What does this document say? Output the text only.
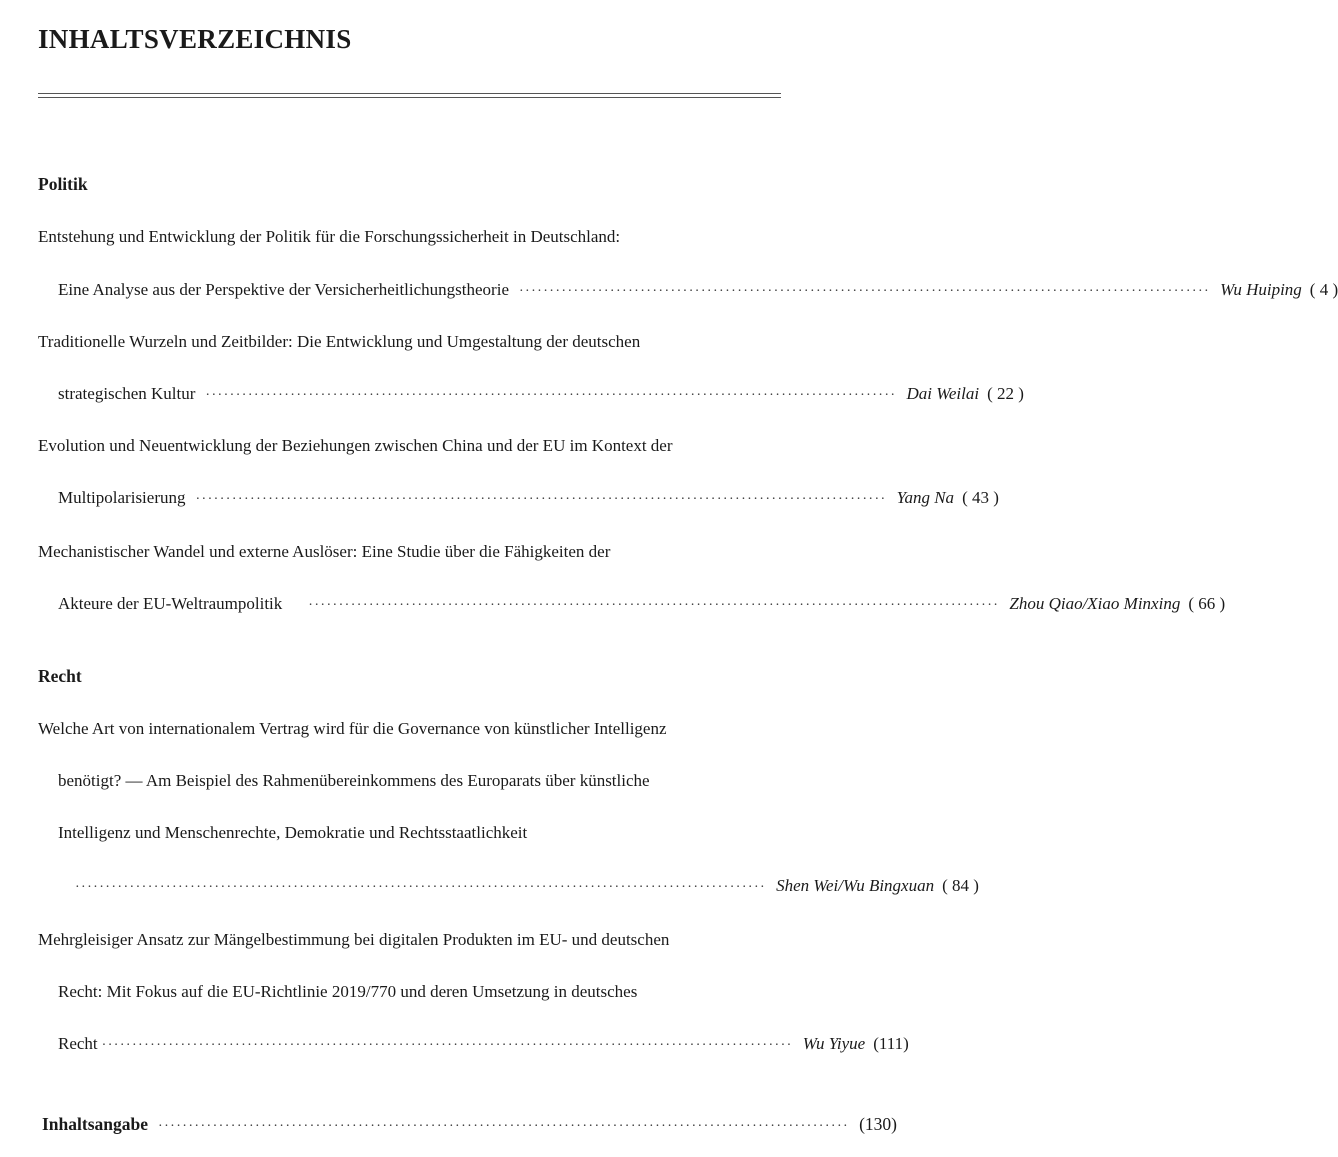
INHALTSVERZEICHNIS
Politik
Entstehung und Entwicklung der Politik für die Forschungssicherheit in Deutschland:
Eine Analyse aus der Perspektive der Versicherheitlichungstheorie ·················································································································· Wu Huiping ( 4 )
Traditionelle Wurzeln und Zeitbilder: Die Entwicklung und Umgestaltung der deutschen
strategischen Kultur ·················································································································· Dai Weilai ( 22 )
Evolution und Neuentwicklung der Beziehungen zwischen China und der EU im Kontext der
Multipolarisierung ·················································································································· Yang Na ( 43 )
Mechanistischer Wandel und externe Auslöser: Eine Studie über die Fähigkeiten der
Akteure der EU-Weltraumpolitik ·················································································································· Zhou Qiao/Xiao Minxing ( 66 )
Recht
Welche Art von internationalem Vertrag wird für die Governance von künstlicher Intelligenz
benötigt? — Am Beispiel des Rahmenübereinkommens des Europarats über künstliche
Intelligenz und Menschenrechte, Demokratie und Rechtsstaatlichkeit
·················································································································· Shen Wei/Wu Bingxuan ( 84 )
Mehrgleisiger Ansatz zur Mängelbestimmung bei digitalen Produkten im EU- und deutschen
Recht: Mit Fokus auf die EU-Richtlinie 2019/770 und deren Umsetzung in deutsches
Recht ·················································································································· Wu Yiyue (111)
Inhaltsangabe ·················································································································· (130)
